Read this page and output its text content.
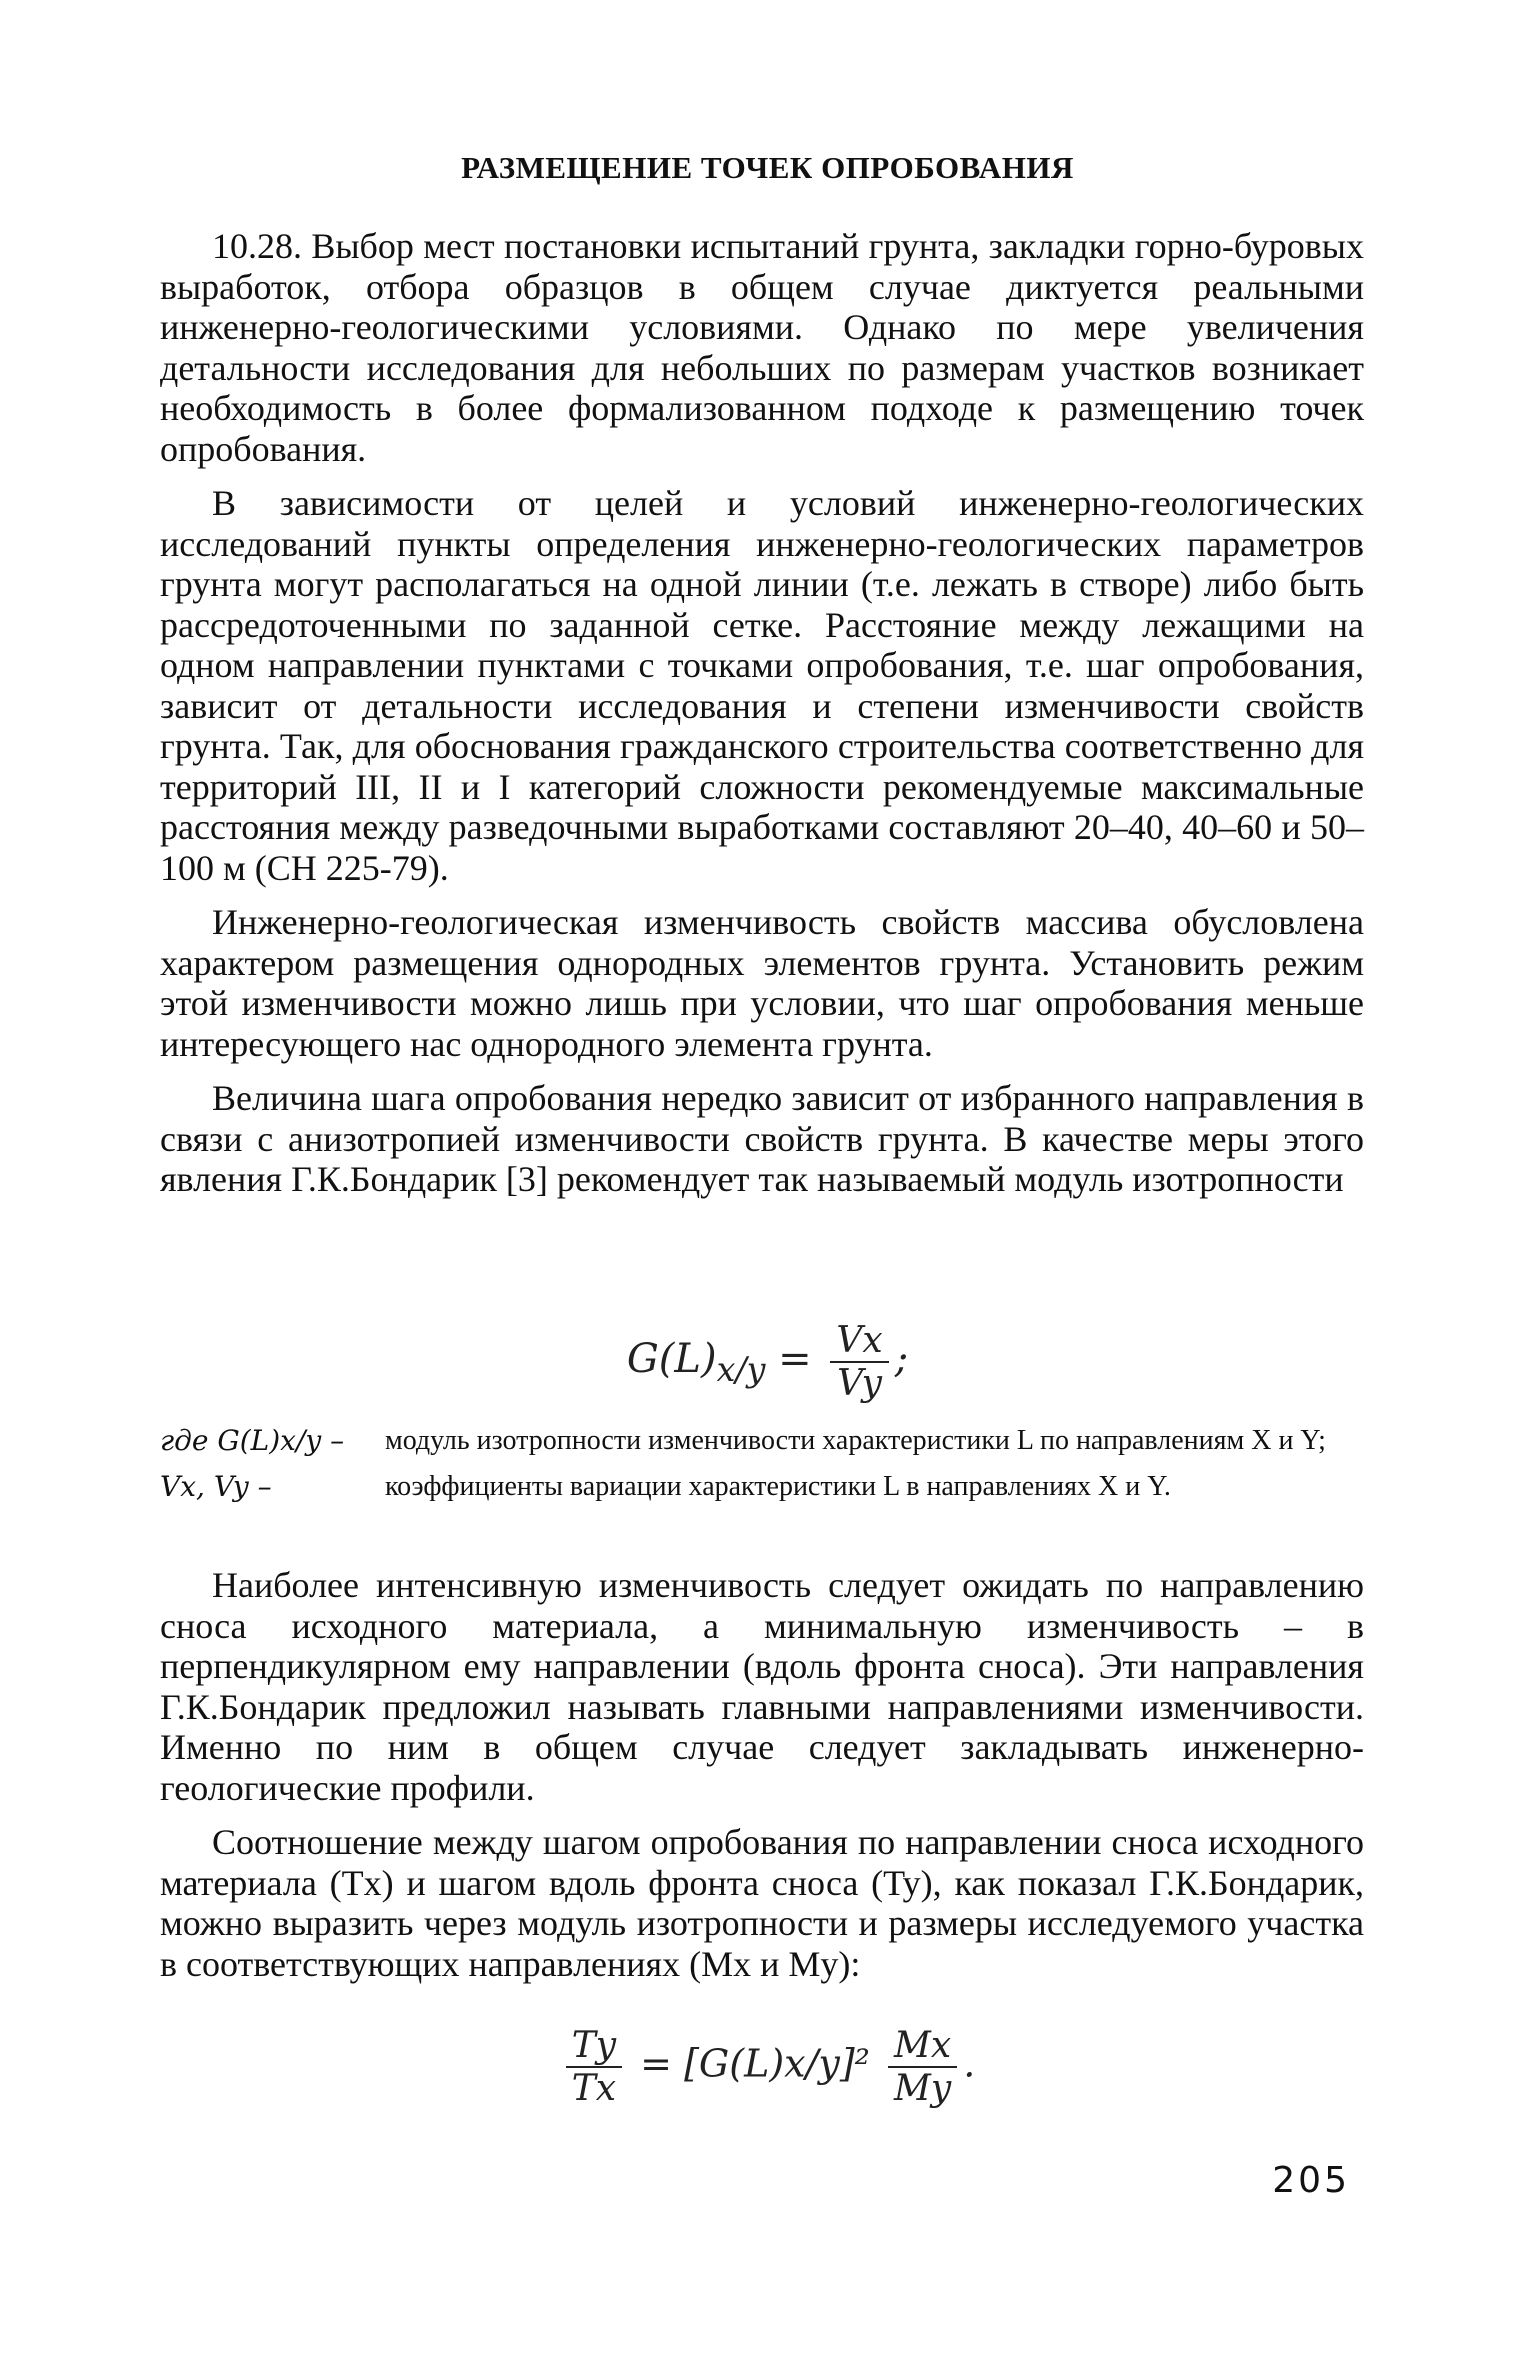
РАЗМЕЩЕНИЕ ТОЧЕК ОПРОБОВАНИЯ

10.28. Выбор мест постановки испытаний грунта, закладки горно-буровых выработок, отбора образцов в общем случае диктуется реальными инженерно-геологическими условиями. Однако по мере увеличения детальности исследования для небольших по размерам участков возникает необходимость в более формализованном подходе к размещению точек опробования.

В зависимости от целей и условий инженерно-геологических исследований пункты определения инженерно-геологических параметров грунта могут располагаться на одной линии (т.е. лежать в створе) либо быть рассредоточенными по заданной сетке. Расстояние между лежащими на одном направлении пунктами с точками опробования, т.е. шаг опробования, зависит от детальности исследования и степени изменчивости свойств грунта. Так, для обоснования гражданского строительства соответственно для территорий III, II и I категорий сложности рекомендуемые максимальные расстояния между разведочными выработками составляют 20–40, 40–60 и 50–100 м (СН 225-79).

Инженерно-геологическая изменчивость свойств массива обусловлена характером размещения однородных элементов грунта. Установить режим этой изменчивости можно лишь при условии, что шаг опробования меньше интересующего нас однородного элемента грунта.

Величина шага опробования нередко зависит от избранного направления в связи с анизотропией изменчивости свойств грунта. В качестве меры этого явления Г.К.Бондарик [3] рекомендует так называемый модуль изотропности

$G(L)_{x/y} = \frac{Vx}{Vy}$ ;
где G(L)x/y –	модуль изотропности изменчивости характеристики L по направлениям X и Y;
Vx, Vy –	коэффициенты вариации характеристики L в направлениях X и Y.

Наиболее интенсивную изменчивость следует ожидать по направлению сноса исходного материала, а минимальную изменчивость – в перпендикулярном ему направлении (вдоль фронта сноса). Эти направления Г.К.Бондарик предложил называть главными направлениями изменчивости. Именно по ним в общем случае следует закладывать инженерно-геологические профили.

Соотношение между шагом опробования по направлении сноса исходного материала (Tx) и шагом вдоль фронта сноса (Ty), как показал Г.К.Бондарик, можно выразить через модуль изотропности и размеры исследуемого участка в соответствующих направлениях (Mx и My):

$\frac{Ty}{Tx} = [G(L)x/y]^2 \frac{Mx}{My}$ .
205
